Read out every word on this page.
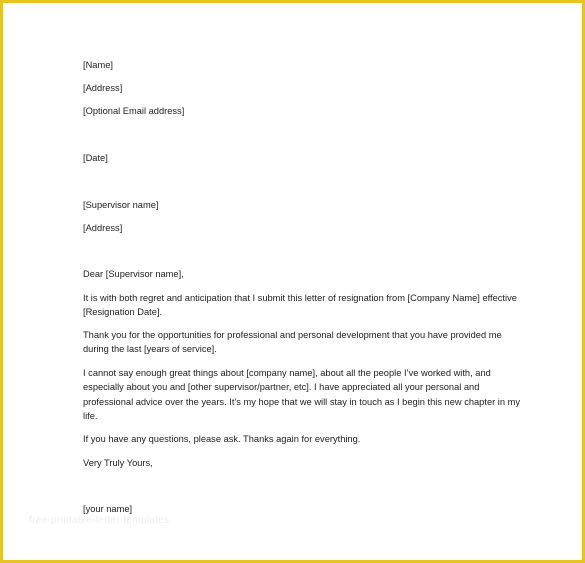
[Name]
[Address]
[Optional Email address]
[Date]
[Supervisor name]
[Address]
Dear [Supervisor name],
It is with both regret and anticipation that I submit this letter of resignation from [Company Name] effective [Resignation Date].
Thank you for the opportunities for professional and personal development that you have provided me during the last [years of service].
I cannot say enough great things about [company name], about all the people I’ve worked with, and especially about you and [other supervisor/partner, etc]. I have appreciated all your personal and professional advice over the years. It’s my hope that we will stay in touch as I begin this new chapter in my life.
If you have any questions, please ask. Thanks again for everything.
Very Truly Yours,
[your name]
free-printable-letter-templates
